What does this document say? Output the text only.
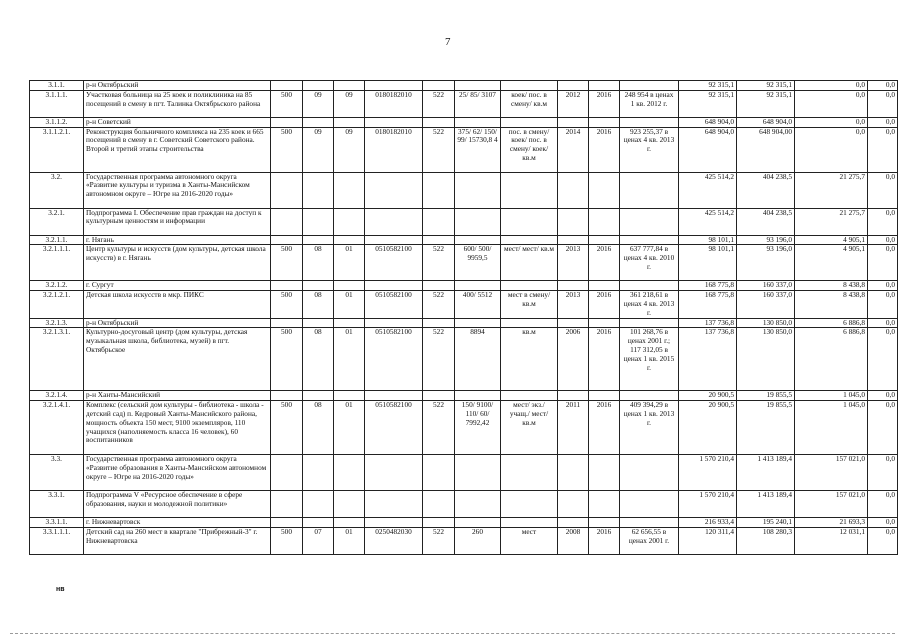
7
3.1.1.	р-н Октябрьский											92 315,1	92 315,1	0,0	0,0
3.1.1.1.	Участковая больница на 25 коек и поликлиника на 85 посещений в смену в пгт. Талинка Октябрьского района	500	09	09	0180182010	522	25/ 85/ 3107	коек/ пос. в смену/ кв.м	2012	2016	248 954 в ценах 1 кв. 2012 г.	92 315,1	92 315,1	0,0	0,0
3.1.1.2.	р-н Советский											648 904,0	648 904,0	0,0	0,0
3.1.1.2.1.	Реконструкция больничного комплекса на 235 коек и 665 посещений в смену в г. Советский Советского района. Второй и третий этапы строительства	500	09	09	0180182010	522	375/ 62/ 150/ 99/ 15730,8 4	пос. в смену/ коек/ пос. в смену/ коек/ кв.м	2014	2016	923 255,37 в ценах 4 кв. 2013 г.	648 904,0	648 904,00	0,0	0,0
3.2.	Государственная программа автономного округа «Развитие культуры и туризма в Ханты-Мансийском автономном округе – Югре на 2016-2020 годы»											425 514,2	404 238,5	21 275,7	0,0
3.2.1.	Подпрограмма I. Обеспечение прав граждан на доступ к культурным ценностям и информации											425 514,2	404 238,5	21 275,7	0,0
3.2.1.1.	г. Нягань											98 101,1	93 196,0	4 905,1	0,0
3.2.1.1.1.	Центр культуры и искусств (дом культуры, детская школа искусств) в г. Нягань	500	08	01	0510582100	522	600/ 500/ 9959,5	мест/ мест/ кв.м	2013	2016	637 777,84 в ценах 4 кв. 2010 г.	98 101,1	93 196,0	4 905,1	0,0
3.2.1.2.	г. Сургут											168 775,8	160 337,0	8 438,8	0,0
3.2.1.2.1.	Детская школа искусств в мкр. ПИКС	500	08	01	0510582100	522	400/ 5512	мест в смену/ кв.м	2013	2016	361 218,61 в ценах 4 кв. 2013 г.	168 775,8	160 337,0	8 438,8	0,0
3.2.1.3.	р-н Октябрьский											137 736,8	130 850,0	6 886,8	0,0
3.2.1.3.1.	Культурно-досуговый центр (дом культуры, детская музыкальная школа, библиотека, музей) в пгт. Октябрьское	500	08	01	0510582100	522	8894	кв.м	2006	2016	101 268,76 в ценах 2001 г.; 117 312,05 в ценах 1 кв. 2015 г.	137 736,8	130 850,0	6 886,8	0,0
3.2.1.4.	р-н Ханты-Мансийский											20 900,5	19 855,5	1 045,0	0,0
3.2.1.4.1.	Комплекс (сельский дом культуры - библиотека - школа - детский сад) п. Кедровый Ханты-Мансийского района, мощность объекта 150 мест, 9100 экземпляров, 110 учащихся (наполняемость класса 16 человек), 60 воспитанников	500	08	01	0510582100	522	150/ 9100/ 110/ 60/ 7992,42	мест/ экз./ учащ./ мест/ кв.м	2011	2016	409 394,29 в ценах 1 кв. 2013 г.	20 900,5	19 855,5	1 045,0	0,0
3.3.	Государственная программа автономного округа «Развитие образования в Ханты-Мансийском автономном округе – Югре на 2016-2020 годы»											1 570 210,4	1 413 189,4	157 021,0	0,0
3.3.1.	Подпрограмма V «Ресурсное обеспечение в сфере образования, науки и молодежной политики»											1 570 210,4	1 413 189,4	157 021,0	0,0
3.3.1.1.	г. Нижневартовск											216 933,4	195 240,1	21 693,3	0,0
3.3.1.1.1.	Детский сад на 260 мест в квартале "Прибрежный-3" г. Нижневартовска	500	07	01	0250482030	522	260	мест	2008	2016	62 656,55 в ценах 2001 г.	120 311,4	108 280,3	12 031,1	0,0
нв
